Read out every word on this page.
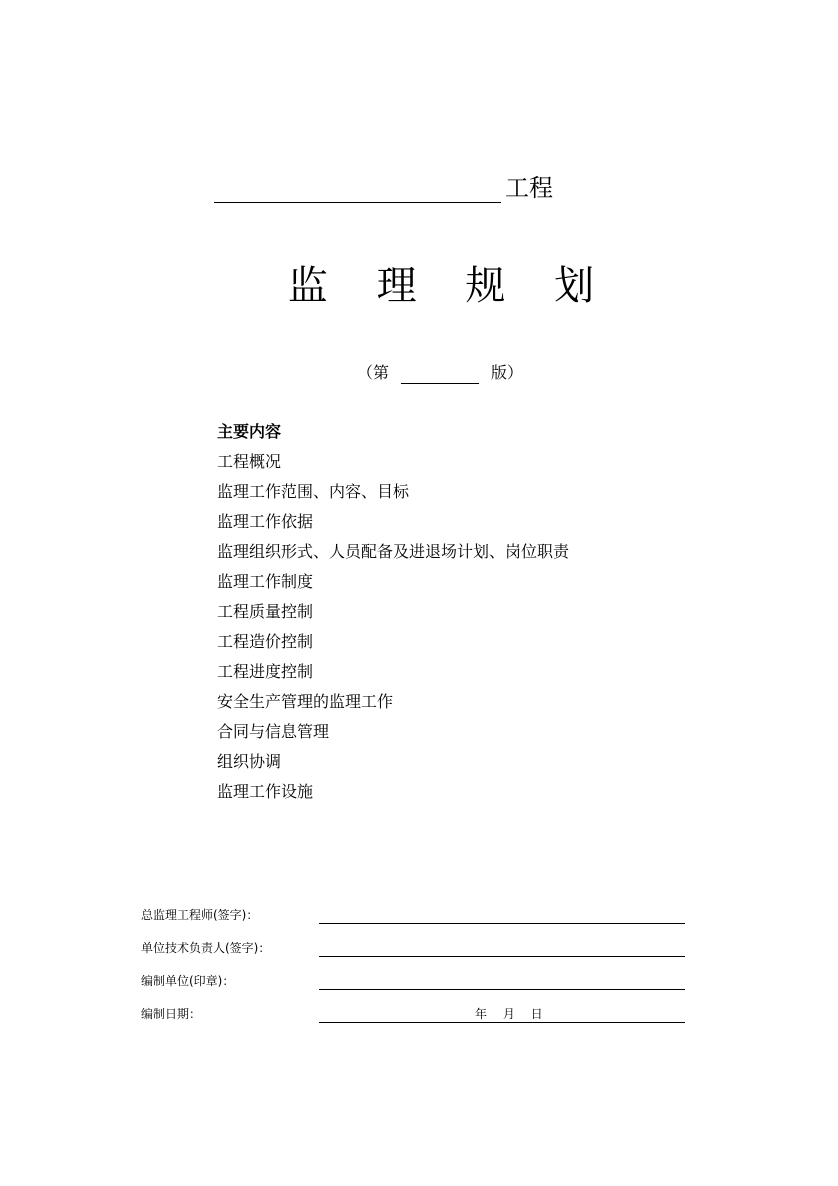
工程
监 理 规 划
（第	版）
主要内容
工程概况
监理工作范围、内容、目标
监理工作依据
监理组织形式、人员配备及进退场计划、岗位职责
监理工作制度
工程质量控制
工程造价控制
工程进度控制
安全生产管理的监理工作
合同与信息管理
组织协调
监理工作设施
总监理工程师(签字)：
单位技术负责人(签字)：
编制单位(印章)：
编制日期：	年 月 日
